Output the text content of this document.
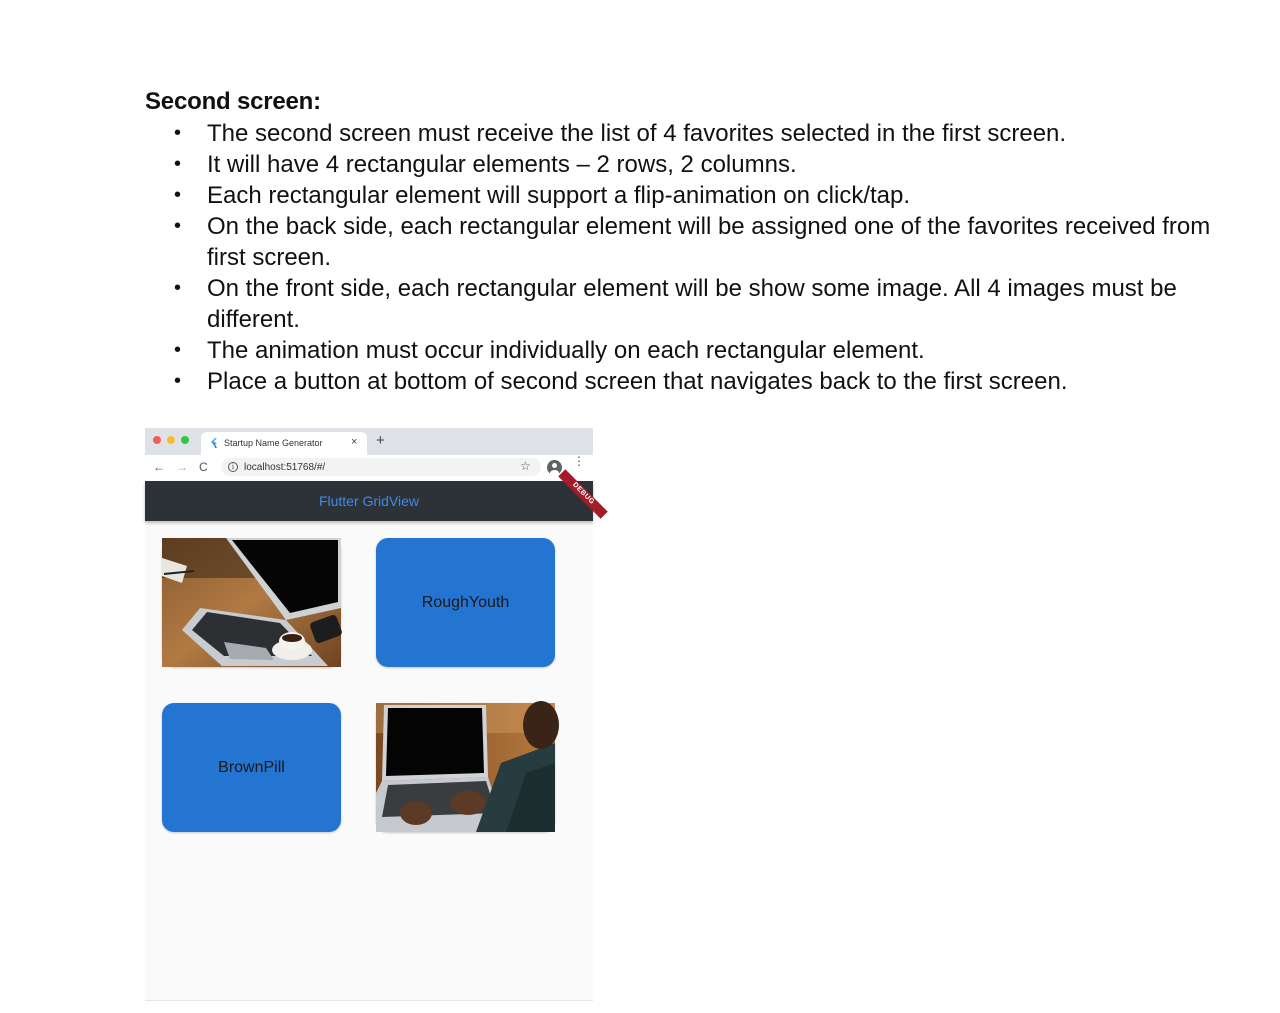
Second screen:
• The second screen must receive the list of 4 favorites selected in the first screen.
• It will have 4 rectangular elements – 2 rows, 2 columns.
• Each rectangular element will support a flip-animation on click/tap.
• On the back side, each rectangular element will be assigned one of the favorites received from first screen.
• On the front side, each rectangular element will be show some image. All 4 images must be different.
• The animation must occur individually on each rectangular element.
• Place a button at bottom of second screen that navigates back to the first screen.
Startup Name Generator	× +
← → C	i localhost:51768/#/	☆	⋮
Flutter GridView	DEBUG
RoughYouth
BrownPill
